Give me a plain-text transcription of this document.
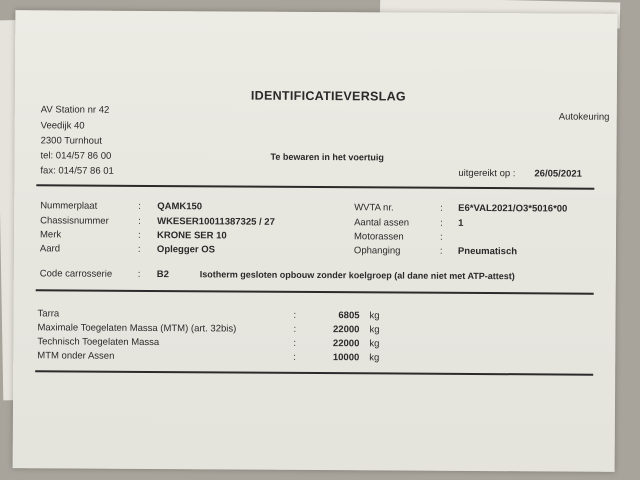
IDENTIFICATIEVERSLAG
AV Station nr 42
Veedijk 40
2300 Turnhout
tel: 014/57 86 00
fax: 014/57 86 01
Autokeuring
Te bewaren in het voertuig
uitgereikt op : 26/05/2021
Nummerplaat	: QAMK150
Chassisnummer	: WKESER10011387325 / 27
Merk	: KRONE SER 10
Aard	: Oplegger OS
WVTA nr.	: E6*VAL2021/O3*5016*00
Aantal assen	: 1
Motorassen	:
Ophanging	: Pneumatisch
Code carrosserie	: B2	Isotherm gesloten opbouw zonder koelgroep (al dane niet met ATP-attest)
Tarra	:	6805 kg
Maximale Toegelaten Massa (MTM) (art. 32bis)	:	22000 kg
Technisch Toegelaten Massa	:	22000 kg
MTM onder Assen	:	10000 kg
